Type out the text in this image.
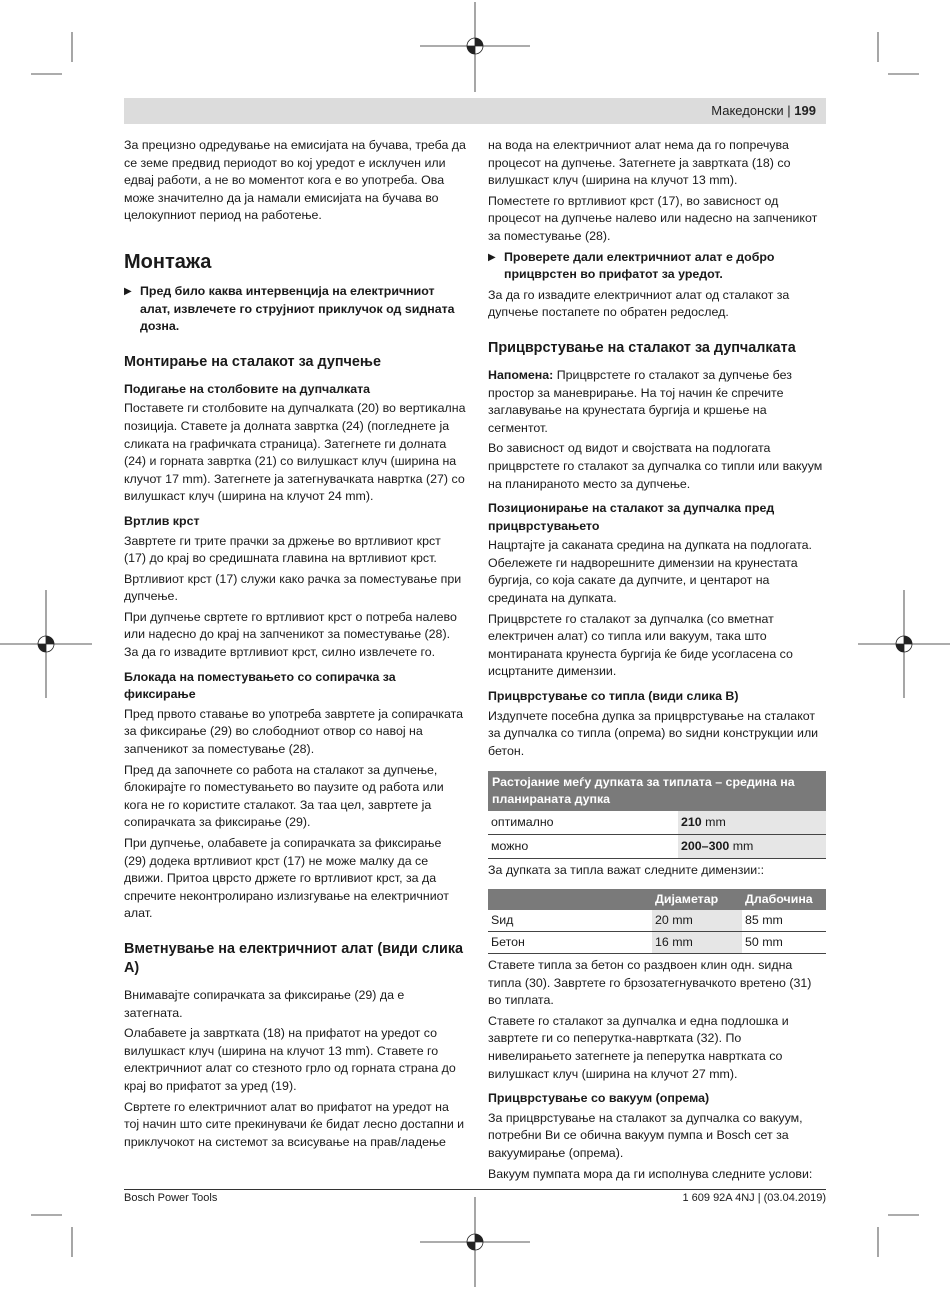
Македонски | 199

За прецизно одредување на емисијата на бучава, треба да се земе предвид периодот во кој уредот е исклучен или едвај работи, а не во моментот кога е во употреба. Ова може значително да ја намали емисијата на бучава во целокупниот период на работење.

Монтажа
▶ Пред било каква интервенција на електричниот алат, извлечете го струјниот приклучок од ѕидната дозна.
Монтирање на сталакот за дупчење
Подигање на столбовите на дупчалката

Поставете ги столбовите на дупчалката (20) во вертикална позиција. Ставете ја долната завртка (24) (погледнете ја сликата на графичката страница). Затегнете ги долната (24) и горната завртка (21) со вилушкаст клуч (ширина на клучот 17 mm). Затегнете ја затегнувачката навртка (27) со вилушкаст клуч (ширина на клучот 24 mm).

Вртлив крст

Завртете ги трите прачки за држење во вртливиот крст (17) до крај во средишната главина на вртливиот крст.

Вртливиот крст (17) служи како рачка за поместување при дупчење.

При дупчење свртете го вртливиот крст о потреба налево или надесно до крај на запченикот за поместување (28). За да го извадите вртливиот крст, силно извлечете го.

Блокада на поместувањето со сопирачка за фиксирање

Пред првото ставање во употреба завртете ја сопирачката за фиксирање (29) во слободниот отвор со навој на запченикот за поместување (28).

Пред да започнете со работа на сталакот за дупчење, блокирајте го поместувањето во паузите од работа или кога не го користите сталакот. За таа цел, завртете ја сопирачката за фиксирање (29).

При дупчење, олабавете ја сопирачката за фиксирање (29) додека вртливиот крст (17) не може малку да се движи. Притоа цврсто држете го вртливиот крст, за да спречите неконтролирано излизгување на електричниот алат.

Вметнување на електричниот алат (види слика A)

Внимавајте сопирачката за фиксирање (29) да е затегната.

Олабавете ја завртката (18) на прифатот на уредот со вилушкаст клуч (ширина на клучот 13 mm). Ставете го електричниот алат со стезното грло од горната страна до крај во прифатот за уред (19).

Свртете го електричниот алат во прифатот на уредот на тој начин што сите прекинувачи ќе бидат лесно достапни и приклучокот на системот за всисување на прав/ладење

на вода на електричниот алат нема да го попречува процесот на дупчење. Затегнете ја завртката (18) со вилушкаст клуч (ширина на клучот 13 mm).

Поместете го вртливиот крст (17), во зависност од процесот на дупчење налево или надесно на запченикот за поместување (28).

▶ Проверете дали електричниот алат е добро прицврстен во прифатот за уредот.

За да го извадите електричниот алат од сталакот за дупчење постапете по обратен редослед.

Прицврстување на сталакот за дупчалката

Напомена: Прицврстете го сталакот за дупчење без простор за маневрирање. На тој начин ќе спречите заглавување на крунестата бургија и кршење на сегментот.

Во зависност од видот и својствата на подлогата прицврстете го сталакот за дупчалка со типли или вакуум на планираното место за дупчење.

Позиционирање на сталакот за дупчалка пред прицврстувањето

Нацртајте ја саканата средина на дупката на подлогата. Обележете ги надворешните димензии на крунестата бургија, со која сакате да дупчите, и центарот на средината на дупката.

Прицврстете го сталакот за дупчалка (со вметнат електричен алат) со типла или вакуум, така што монтираната крунеста бургија ќе биде усогласена со исцртаните димензии.

Прицврстување со типла (види слика B)

Издупчете посебна дупка за прицврстување на сталакот за дупчалка со типла (опрема) во ѕидни конструкции или бетон.

Растојание меѓу дупката за типлата – средина на планираната дупка	
оптимално	210 mm
можно	200–300 mm

За дупката за типла важат следните димензии::

	Дијаметар	Длабочина
Ѕид	20 mm	85 mm
Бетон	16 mm	50 mm

Ставете типла за бетон со раздвоен клин одн. ѕидна типла (30). Завртете го брзозатегнувачкото вретено (31) во типлата.

Ставете го сталакот за дупчалка и една подлошка и завртете ги со пеперутка-навртката (32). По нивелирањето затегнете ја пеперутка навртката со вилушкаст клуч (ширина на клучот 27 mm).

Прицврстување со вакуум (опрема)

За прицврстување на сталакот за дупчалка со вакуум, потребни Ви се обична вакуум пумпа и Bosch сет за вакуумирање (опрема).

Вакуум пумпата мора да ги исполнува следните услови:

Bosch Power Tools	1 609 92A 4NJ | (03.04.2019)
